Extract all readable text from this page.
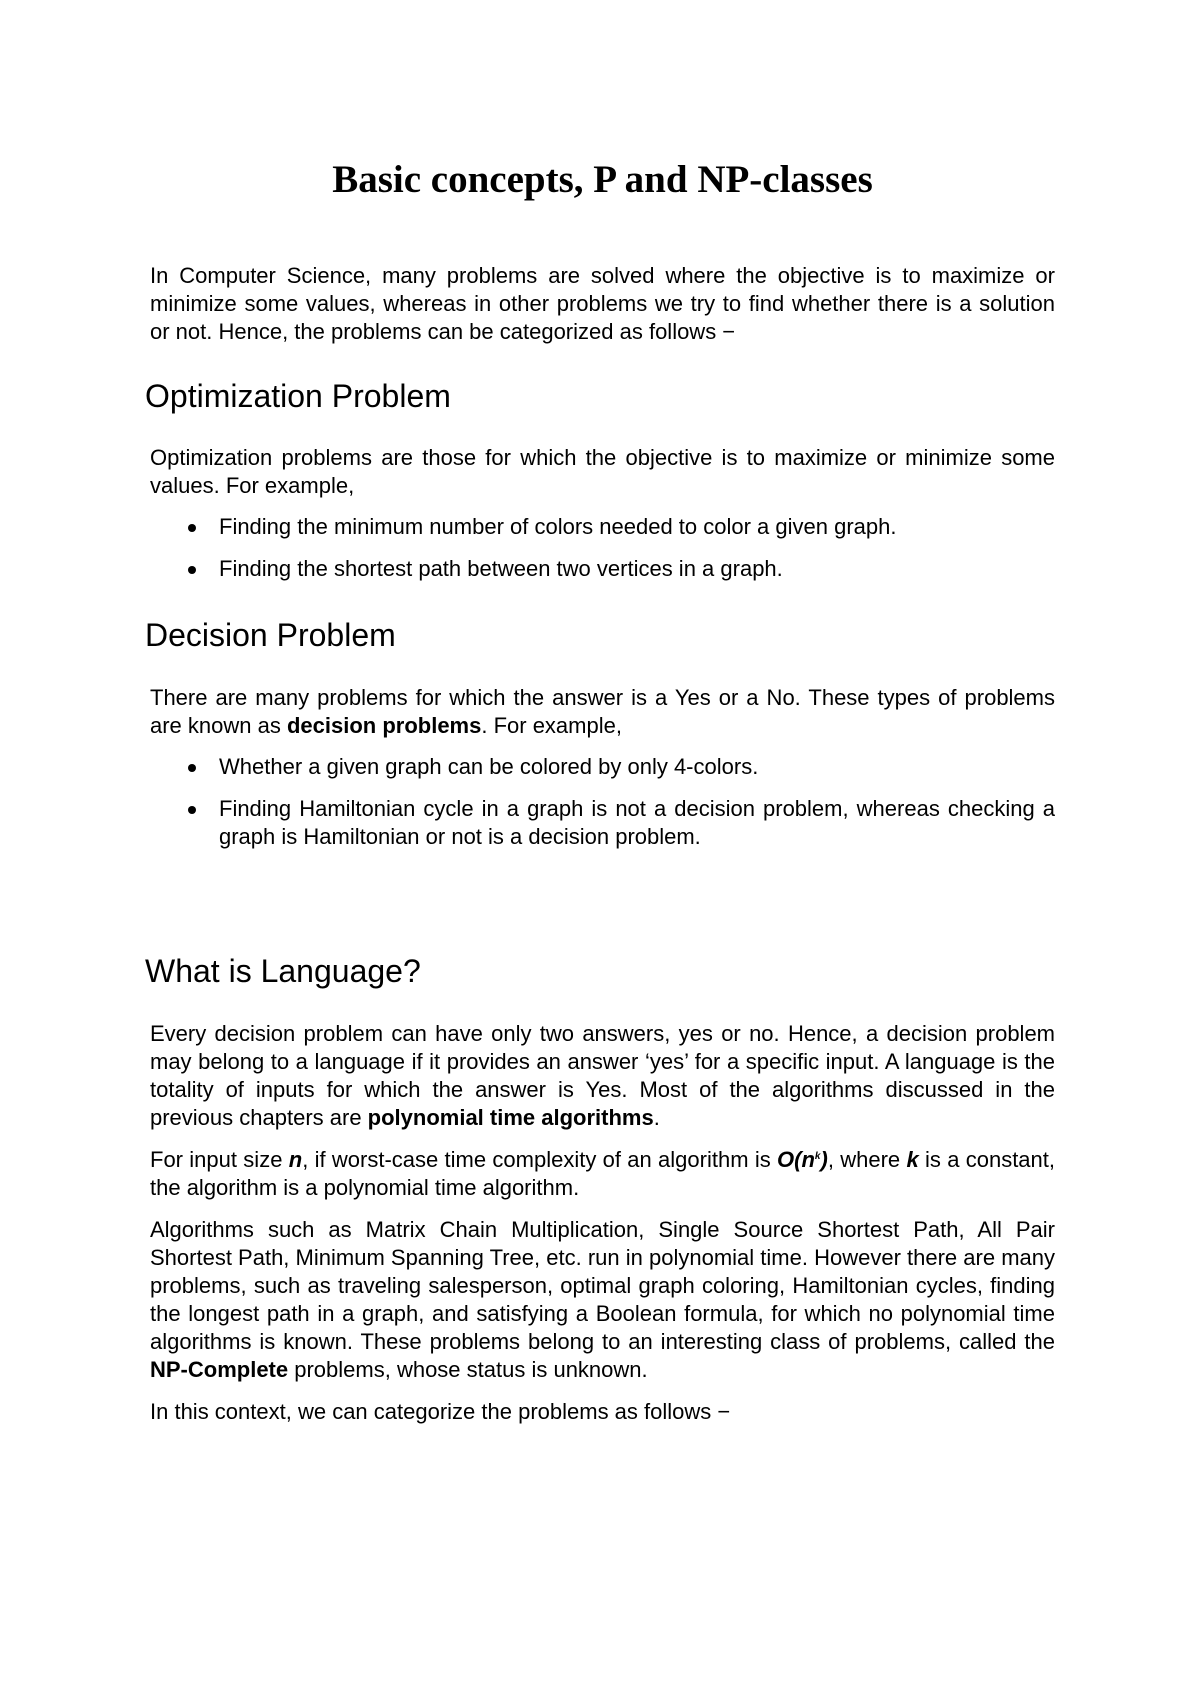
Basic concepts, P and NP-classes

In Computer Science, many problems are solved where the objective is to maximize or minimize some values, whereas in other problems we try to find whether there is a solution or not. Hence, the problems can be categorized as follows −

Optimization Problem

Optimization problems are those for which the objective is to maximize or minimize some values. For example,

Finding the minimum number of colors needed to color a given graph.
Finding the shortest path between two vertices in a graph.
Decision Problem

There are many problems for which the answer is a Yes or a No. These types of problems are known as decision problems. For example,

Whether a given graph can be colored by only 4-colors.
Finding Hamiltonian cycle in a graph is not a decision problem, whereas checking a graph is Hamiltonian or not is a decision problem.
What is Language?

Every decision problem can have only two answers, yes or no. Hence, a decision problem may belong to a language if it provides an answer ‘yes’ for a specific input. A language is the totality of inputs for which the answer is Yes. Most of the algorithms discussed in the previous chapters are polynomial time algorithms.

For input size n, if worst-case time complexity of an algorithm is $O(n^k)$, where k is a constant, the algorithm is a polynomial time algorithm.

Algorithms such as Matrix Chain Multiplication, Single Source Shortest Path, All Pair Shortest Path, Minimum Spanning Tree, etc. run in polynomial time. However there are many problems, such as traveling salesperson, optimal graph coloring, Hamiltonian cycles, finding the longest path in a graph, and satisfying a Boolean formula, for which no polynomial time algorithms is known. These problems belong to an interesting class of problems, called the NP-Complete problems, whose status is unknown.

In this context, we can categorize the problems as follows −
